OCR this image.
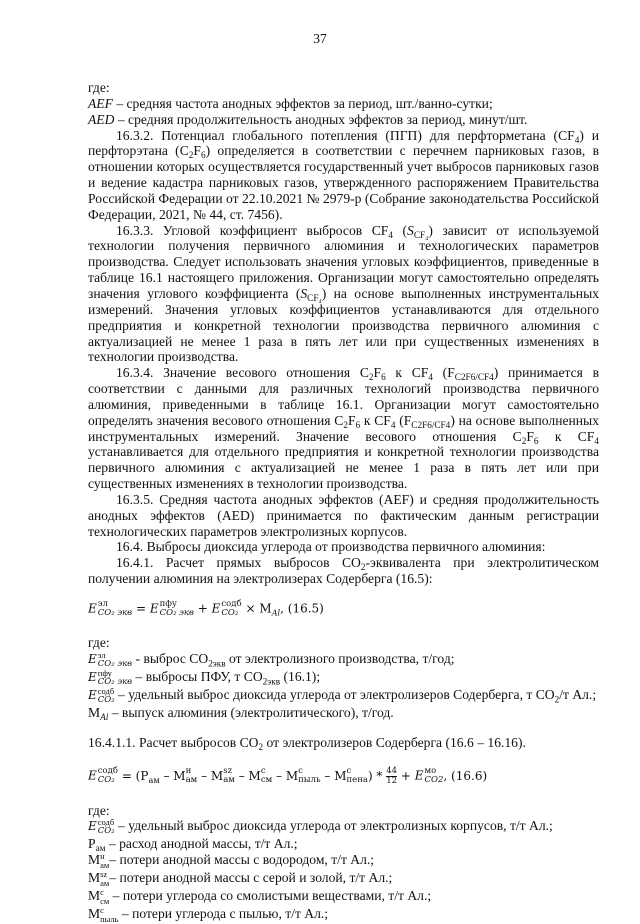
37
где:
AEF – средняя частота анодных эффектов за период, шт./ванно-сутки;
AED – средняя продолжительность анодных эффектов за период, минут/шт.
16.3.2. Потенциал глобального потепления (ПГП) для перфторметана $(CF_4)$ и перфторэтана $(C_2F_6)$ определяется в соответствии с перечнем парниковых газов, в отношении которых осуществляется государственный учет выбросов парниковых газов и ведение кадастра парниковых газов, утвержденного распоряжением Правительства Российской Федерации от 22.10.2021 № 2979-р (Собрание законодательства Российской Федерации, 2021, № 44, ст. 7456).
16.3.3. Угловой коэффициент выбросов $CF_4$ $(S_{CF_4})$ зависит от используемой технологии получения первичного алюминия и технологических параметров производства. Следует использовать значения угловых коэффициентов, приведенные в таблице 16.1 настоящего приложения. Организации могут самостоятельно определять значения углового коэффициента $(S_{CF_4})$ на основе выполненных инструментальных измерений. Значения угловых коэффициентов устанавливаются для отдельного предприятия и конкретной технологии производства первичного алюминия с актуализацией не менее 1 раза в пять лет или при существенных изменениях в технологии производства.
16.3.4. Значение весового отношения $C_2F_6$ к $CF_4$ $(F_{C2F6/CF4})$ принимается в соответствии с данными для различных технологий производства первичного алюминия, приведенными в таблице 16.1. Организации могут самостоятельно определять значения весового отношения $C_2F_6$ к $CF_4$ $(F_{C2F6/CF4})$ на основе выполненных инструментальных измерений. Значение весового отношения $C_2F_6$ к $CF_4$ устанавливается для отдельного предприятия и конкретной технологии производства первичного алюминия с актуализацией не менее 1 раза в пять лет или при существенных изменениях в технологии производства.
16.3.5. Средняя частота анодных эффектов (AEF) и средняя продолжительность анодных эффектов (AED) принимается по фактическим данным регистрации технологических параметров электролизных корпусов.
16.4. Выбросы диоксида углерода от производства первичного алюминия:
16.4.1. Расчет прямых выбросов $CO_2$-эквивалента при электролитическом получении алюминия на электролизерах Содерберга (16.5):
E эл
CO₂ экв = E пфу
CO₂ экв + E содб
$CO_2 \times M_{Al}$, (16.5)
где:
E эл
CO₂ экв - выброс $CO_{2экв}$ от электролизного производства, т/год;
E пфу
CO₂ экв – выбросы ПФУ, т $CO_{2экв}$ (16.1);
E содб
CO₂ – удельный выброс диоксида углерода от электролизеров Содерберга, т $CO_2/т$ Ал.;
$M_{Al}$ – выпуск алюминия (электролитического), т/год.
16.4.1.1. Расчет выбросов $CO_2$ от электролизеров Содерберга (16.6 – 16.16).
E содб
$CO_2 = (P_{ам} - M$ н
ам – M sz
ам – M c
см – M c
пыль – M c
пена ) * $\frac{44}{12} + E$ мо
CO2 , (16.6)
где:
E содб
CO₂ – удельный выброс диоксида углерода от электролизных корпусов, т/т Ал.;
$P_{ам}$ – расход анодной массы, т/т Ал.;
M н
ам – потери анодной массы с водородом, т/т Ал.;
M sz
ам – потери анодной массы с серой и золой, т/т Ал.;
M c
см – потери углерода со смолистыми веществами, т/т Ал.;
M c
пыль – потери углерода с пылью, т/т Ал.;
